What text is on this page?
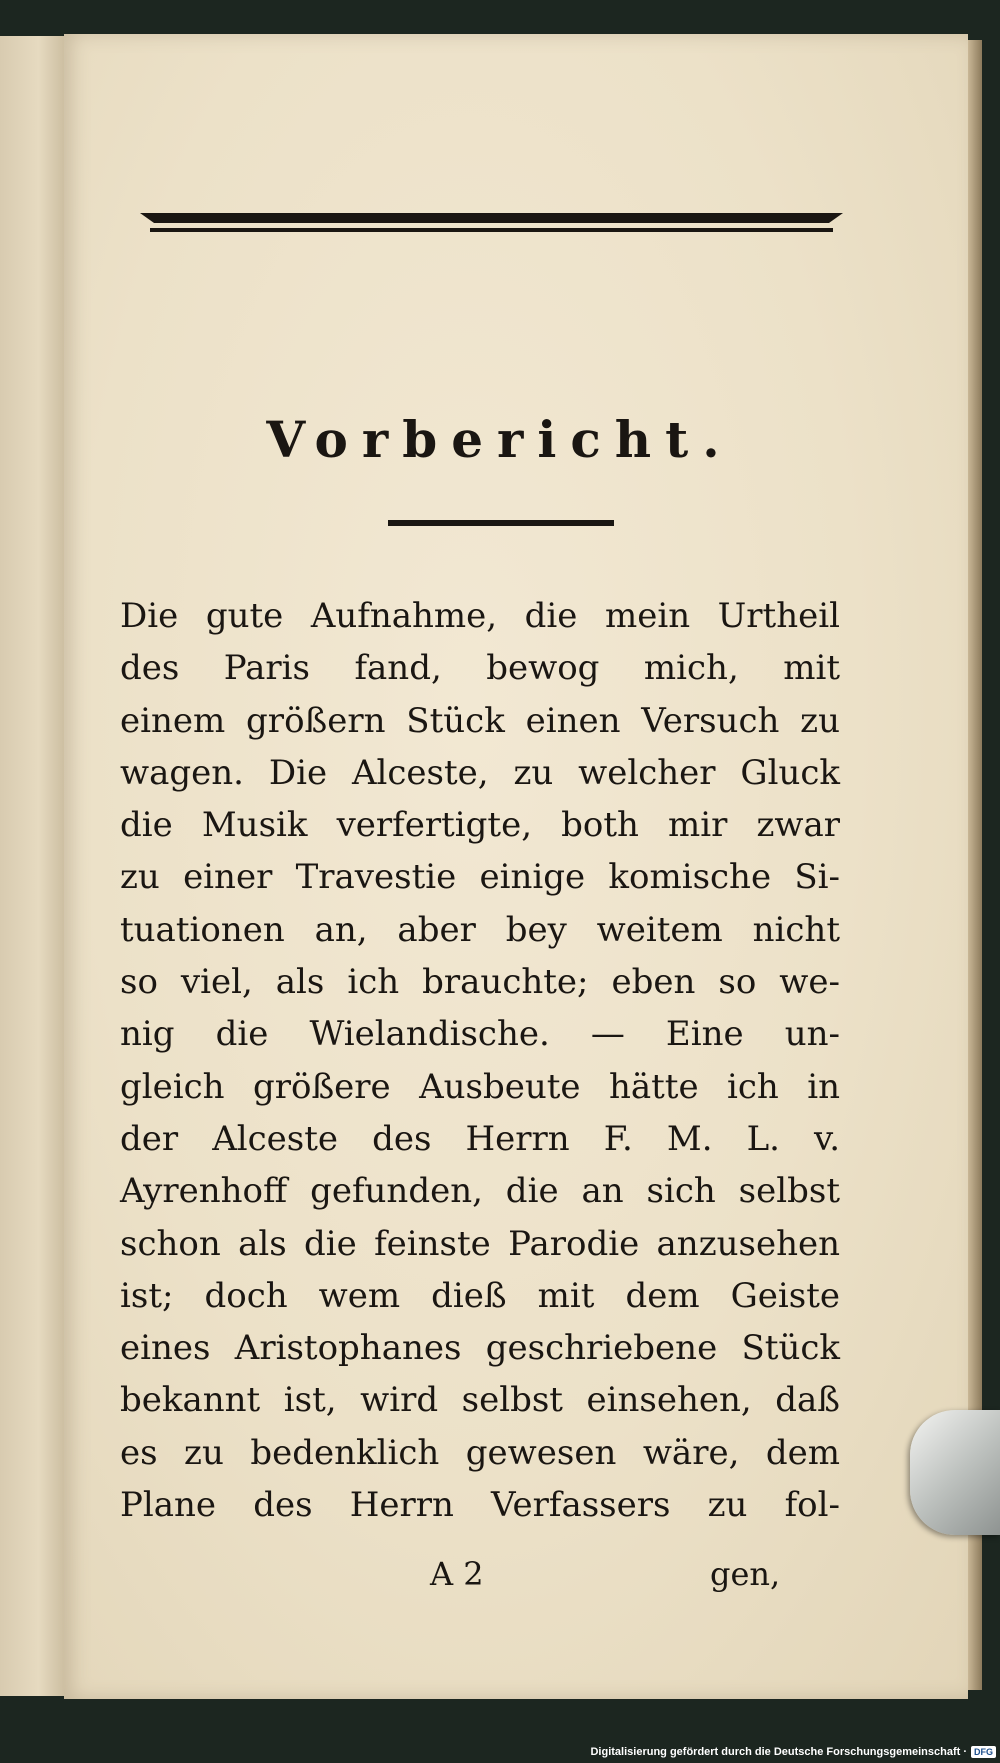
Vorbericht.
Die gute Aufnahme, die mein Urtheil
des Paris fand, bewog mich, mit
einem größern Stück einen Versuch zu
wagen. Die Alceste, zu welcher Gluck
die Musik verfertigte, both mir zwar
zu einer Travestie einige komische Si-
tuationen an, aber bey weitem nicht
so viel, als ich brauchte; eben so we-
nig die Wielandische. — Eine un-
gleich größere Ausbeute hätte ich in
der Alceste des Herrn F. M. L. v.
Ayrenhoff gefunden, die an sich selbst
schon als die feinste Parodie anzusehen
ist; doch wem dieß mit dem Geiste
eines Aristophanes geschriebene Stück
bekannt ist, wird selbst einsehen, daß
es zu bedenklich gewesen wäre, dem
Plane des Herrn Verfassers zu fol-
A 2	gen,
Digitalisierung gefördert durch die Deutsche Forschungsgemeinschaft · DFG
